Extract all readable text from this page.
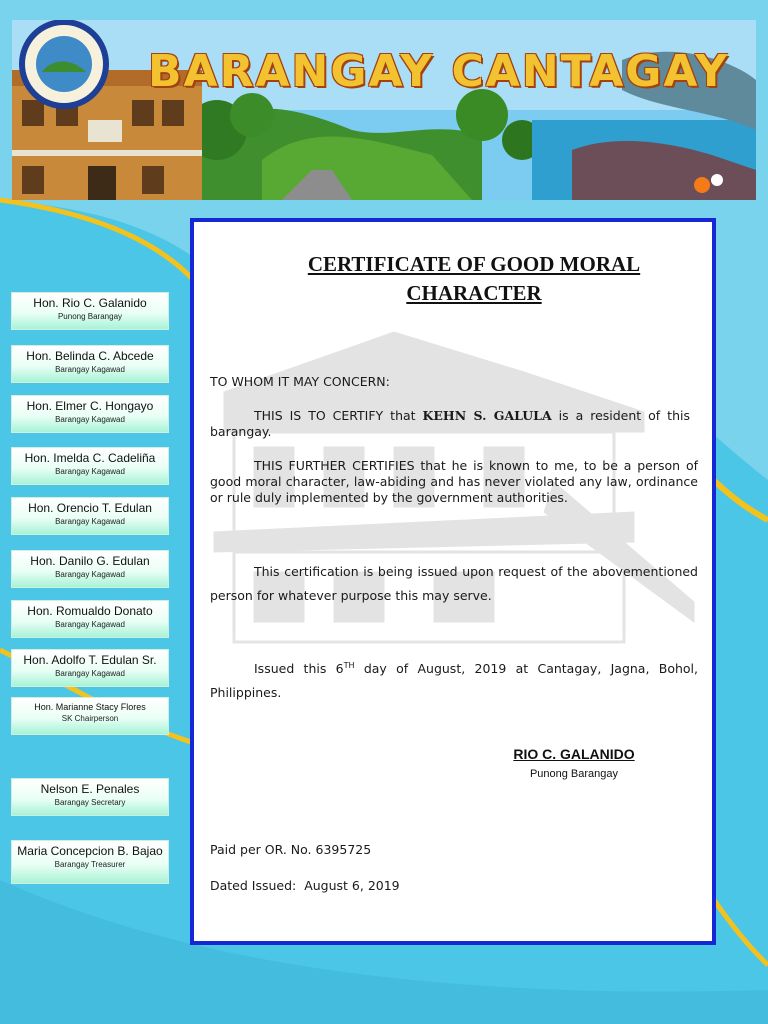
BARANGAY CANTAGAY
Hon. Rio C. Galanido
Punong Barangay
Hon. Belinda C. Abcede
Barangay Kagawad
Hon. Elmer C. Hongayo
Barangay Kagawad
Hon. Imelda C. Cadeliña
Barangay Kagawad
Hon. Orencio T. Edulan
Barangay Kagawad
Hon. Danilo G. Edulan
Barangay Kagawad
Hon. Romualdo Donato
Barangay Kagawad
Hon. Adolfo T. Edulan Sr.
Barangay Kagawad
Hon. Marianne Stacy Flores
SK Chairperson
Nelson E. Penales
Barangay Secretary
Maria Concepcion B. Bajao
Barangay Treasurer
CERTIFICATE OF GOOD MORAL CHARACTER
TO WHOM IT MAY CONCERN:
THIS IS TO CERTIFY that KEHN S. GALULA is a resident of this barangay.
THIS FURTHER CERTIFIES that he is known to me, to be a person of good moral character, law-abiding and has never violated any law, ordinance or rule duly implemented by the government authorities.
This certification is being issued upon request of the abovementioned person for whatever purpose this may serve.
Issued this 6TH day of August, 2019 at Cantagay, Jagna, Bohol, Philippines.
RIO C. GALANIDO
Punong Barangay
Paid per OR. No. 6395725
Dated Issued:  August 6, 2019
